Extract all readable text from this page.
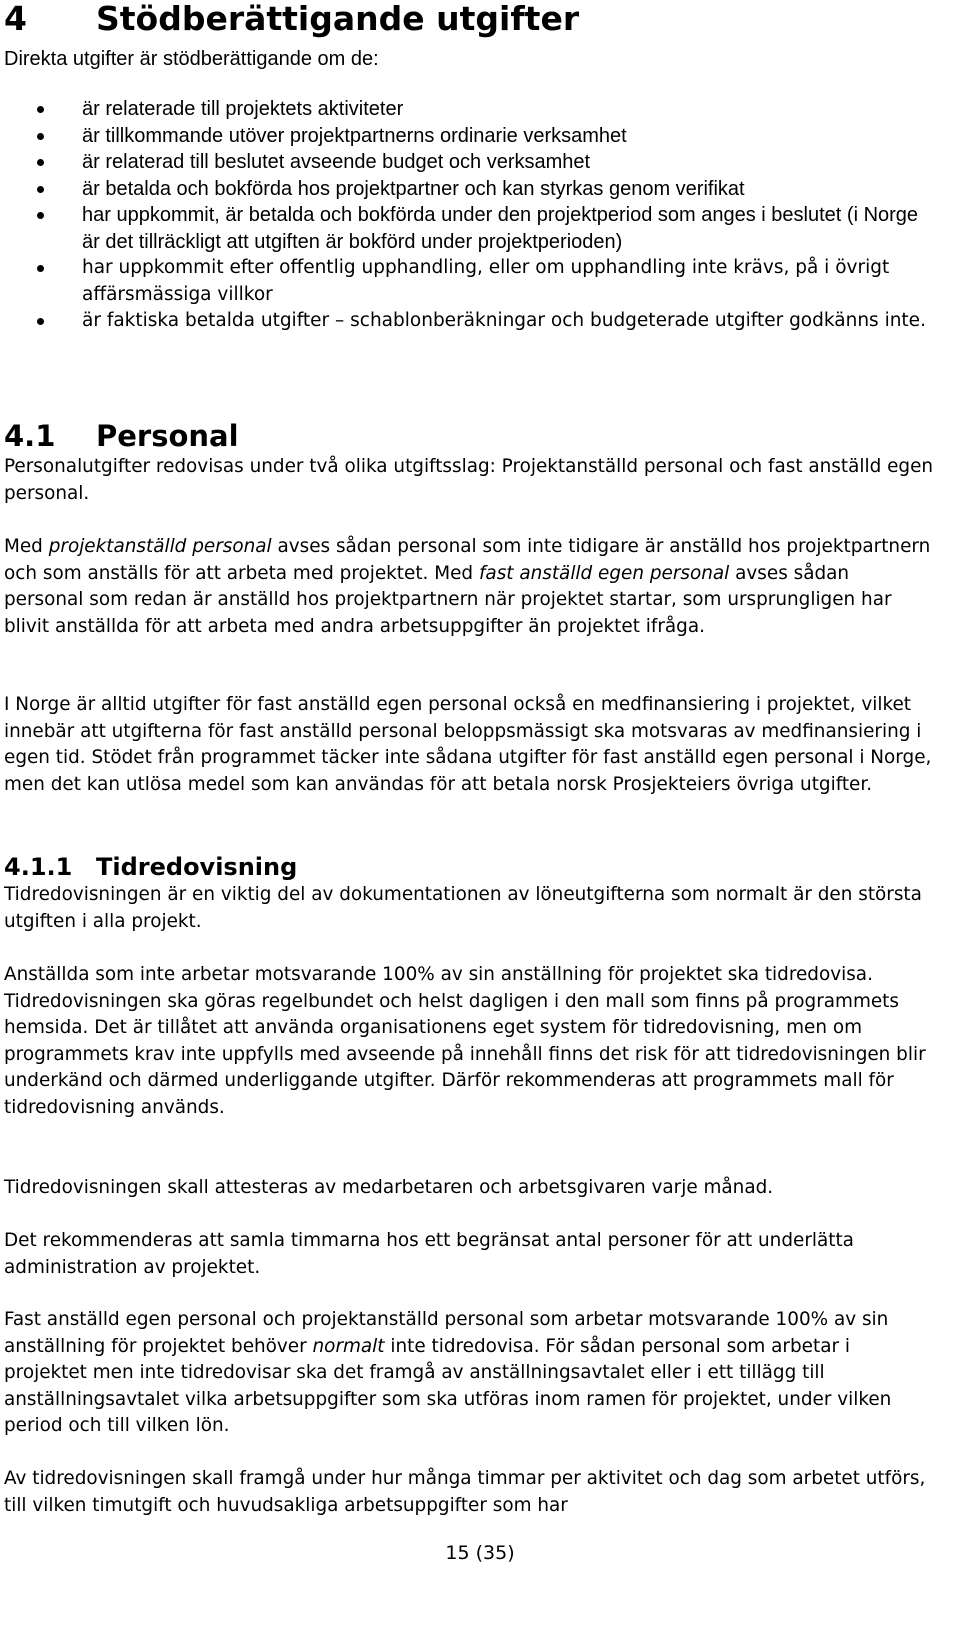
4 Stödberättigande utgifter

Direkta utgifter är stödberättigande om de:

är relaterade till projektets aktiviteter
är tillkommande utöver projektpartnerns ordinarie verksamhet
är relaterad till beslutet avseende budget och verksamhet
är betalda och bokförda hos projektpartner och kan styrkas genom verifikat
har uppkommit, är betalda och bokförda under den projektperiod som anges i beslutet (i Norge är det tillräckligt att utgiften är bokförd under projektperioden)
har uppkommit efter offentlig upphandling, eller om upphandling inte krävs, på i övrigt affärsmässiga villkor
är faktiska betalda utgifter – schablonberäkningar och budgeterade utgifter godkänns inte.
4.1 Personal

Personalutgifter redovisas under två olika utgiftsslag: Projektanställd personal och fast anställd egen personal.

Med projektanställd personal avses sådan personal som inte tidigare är anställd hos projektpartnern och som anställs för att arbeta med projektet. Med fast anställd egen personal avses sådan personal som redan är anställd hos projektpartnern när projektet startar, som ursprungligen har blivit anställda för att arbeta med andra arbetsuppgifter än projektet ifråga.

I Norge är alltid utgifter för fast anställd egen personal också en medfinansiering i projektet, vilket innebär att utgifterna för fast anställd personal beloppsmässigt ska motsvaras av medfinansiering i egen tid. Stödet från programmet täcker inte sådana utgifter för fast anställd egen personal i Norge, men det kan utlösa medel som kan användas för att betala norsk Prosjekteiers övriga utgifter.

4.1.1 Tidredovisning

Tidredovisningen är en viktig del av dokumentationen av löneutgifterna som normalt är den största utgiften i alla projekt.

Anställda som inte arbetar motsvarande 100% av sin anställning för projektet ska tidredovisa. Tidredovisningen ska göras regelbundet och helst dagligen i den mall som finns på programmets hemsida. Det är tillåtet att använda organisationens eget system för tidredovisning, men om programmets krav inte uppfylls med avseende på innehåll finns det risk för att tidredovisningen blir underkänd och därmed underliggande utgifter. Därför rekommenderas att programmets mall för tidredovisning används.

Tidredovisningen skall attesteras av medarbetaren och arbetsgivaren varje månad.

Det rekommenderas att samla timmarna hos ett begränsat antal personer för att underlätta administration av projektet.

Fast anställd egen personal och projektanställd personal som arbetar motsvarande 100% av sin anställning för projektet behöver normalt inte tidredovisa. För sådan personal som arbetar i projektet men inte tidredovisar ska det framgå av anställningsavtalet eller i ett tillägg till anställningsavtalet vilka arbetsuppgifter som ska utföras inom ramen för projektet, under vilken period och till vilken lön.

Av tidredovisningen skall framgå under hur många timmar per aktivitet och dag som arbetet utförs, till vilken timutgift och huvudsakliga arbetsuppgifter som har

15 (35)
